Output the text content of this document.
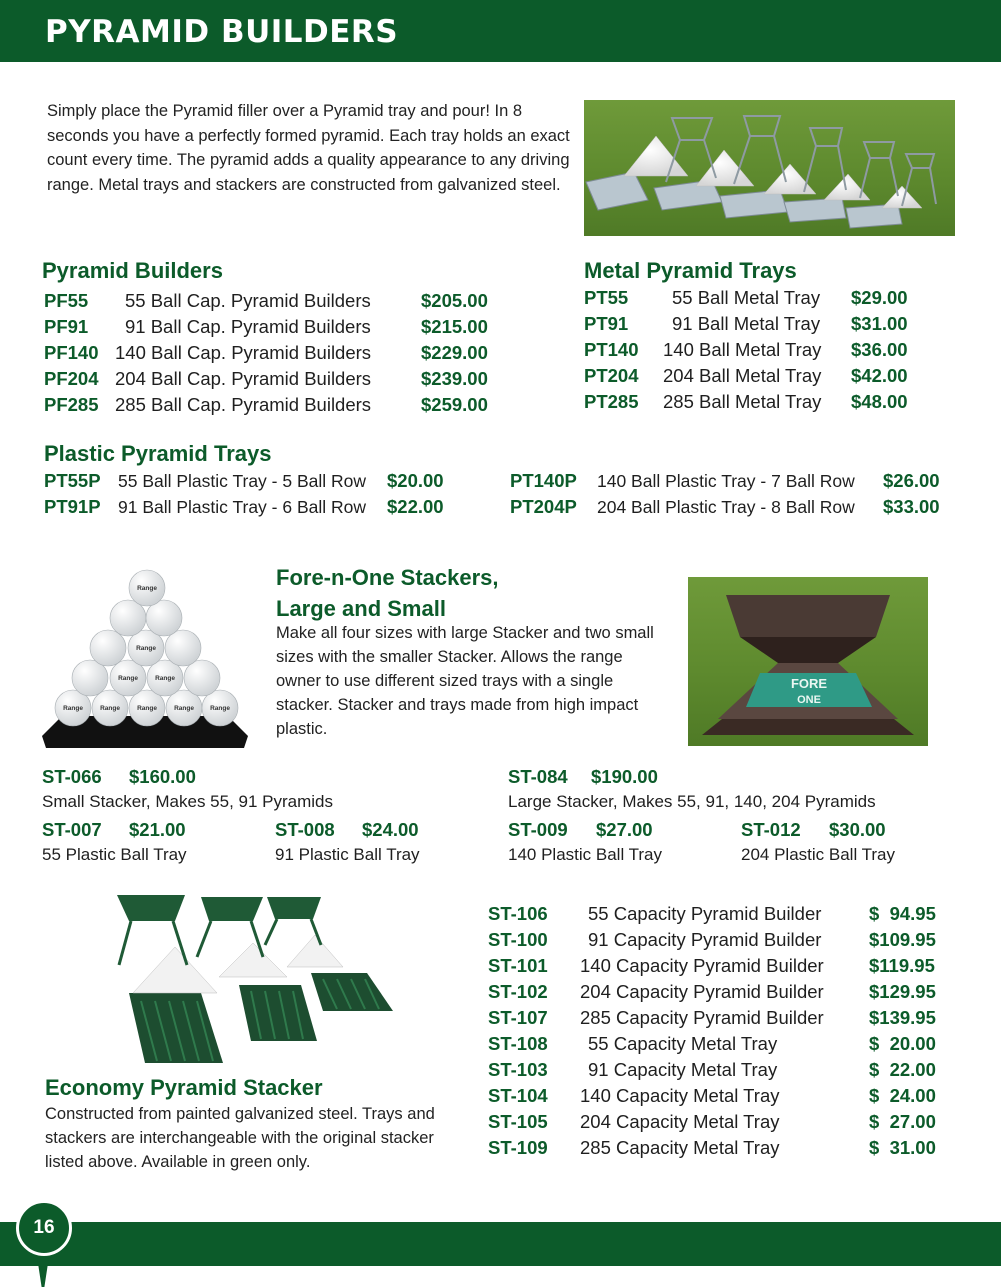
PYRAMID BUILDERS
Simply place the Pyramid filler over a Pyramid tray and pour! In 8 seconds you have a perfectly formed pyramid. Each tray holds an exact count every time. The pyramid adds a quality appearance to any driving range. Metal trays and stackers are constructed from galvanized steel.
Pyramid Builders
PF55 55 Ball Cap. Pyramid Builders	$205.00
PF91 91 Ball Cap. Pyramid Builders	$215.00
PF140 140 Ball Cap. Pyramid Builders	$229.00
PF204 204 Ball Cap. Pyramid Builders	$239.00
PF285 285 Ball Cap. Pyramid Builders	$259.00
Metal Pyramid Trays
PT55 55 Ball Metal Tray $29.00
PT91 91 Ball Metal Tray $31.00
PT140 140 Ball Metal Tray $36.00
PT204 204 Ball Metal Tray $42.00
PT285 285 Ball Metal Tray $48.00
Plastic Pyramid Trays
PT55P 55 Ball Plastic Tray - 5 Ball Row $20.00
PT91P 91 Ball Plastic Tray - 6 Ball Row $22.00
PT140P 140 Ball Plastic Tray - 7 Ball Row $26.00
PT204P 204 Ball Plastic Tray - 8 Ball Row $33.00
Range	Range	Range	Range Range
Range	Range
Range
Range	Fore-n-One Stackers,
Large and Small
Make all four sizes with large Stacker and two small sizes with the smaller Stacker. Allows the range owner to use different sized trays with a single stacker. Stacker and trays made from high impact plastic.
FORE
ONE
ST-066 $160.00
Small Stacker, Makes 55, 91 Pyramids
ST-084 $190.00
Large Stacker, Makes 55, 91, 140, 204 Pyramids
ST-007 $21.00
55 Plastic Ball Tray
ST-008 $24.00
91 Plastic Ball Tray
ST-009 $27.00
140 Plastic Ball Tray
ST-012 $30.00
204 Plastic Ball Tray
Economy Pyramid Stacker
Constructed from painted galvanized steel. Trays and stackers are interchangeable with the original stacker listed above. Available in green only.
ST-106 55 Capacity Pyramid Builder	$  94.95
ST-100 91 Capacity Pyramid Builder	$109.95
ST-101 140 Capacity Pyramid Builder $119.95
ST-102 204 Capacity Pyramid Builder $129.95
ST-107 285 Capacity Pyramid Builder $139.95
ST-108 55 Capacity Metal Tray	$  20.00
ST-103 91 Capacity Metal Tray	$  22.00
ST-104 140 Capacity Metal Tray	$  24.00
ST-105 204 Capacity Metal Tray	$  27.00
ST-109 285 Capacity Metal Tray	$  31.00
16
